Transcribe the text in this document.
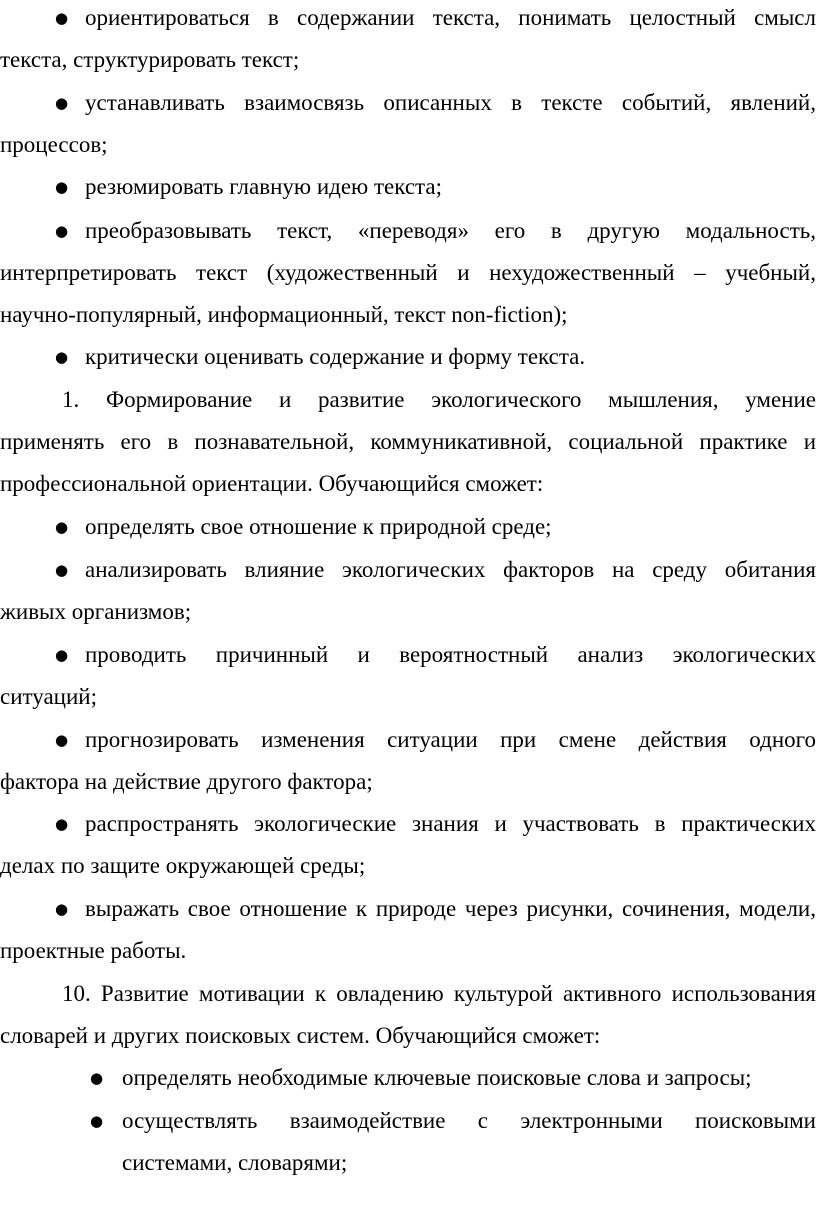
● ориентироваться в содержании текста, понимать целостный смысл
текста, структурировать текст;
● устанавливать взаимосвязь описанных в тексте событий, явлений,
процессов;
● резюмировать главную идею текста;
● преобразовывать текст, «переводя» его в другую модальность,
интерпретировать текст (художественный и нехудожественный – учебный,
научно-популярный, информационный, текст non-fiction);
● критически оценивать содержание и форму текста.
1. Формирование и развитие экологического мышления, умение
применять его в познавательной, коммуникативной, социальной практике и
профессиональной ориентации. Обучающийся сможет:
● определять свое отношение к природной среде;
● анализировать влияние экологических факторов на среду обитания
живых организмов;
● проводить причинный и вероятностный анализ экологических
ситуаций;
● прогнозировать изменения ситуации при смене действия одного
фактора на действие другого фактора;
● распространять экологические знания и участвовать в практических
делах по защите окружающей среды;
● выражать свое отношение к природе через рисунки, сочинения, модели,
проектные работы.
10. Развитие мотивации к овладению культурой активного использования
словарей и других поисковых систем. Обучающийся сможет:
● определять необходимые ключевые поисковые слова и запросы;
● осуществлять взаимодействие с электронными поисковыми
системами, словарями;
